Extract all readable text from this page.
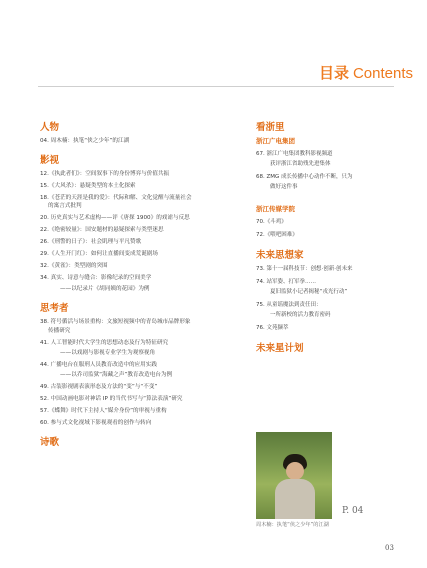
目录 Contents
人物
04. 周木楠：执笔“侠之少年”的江湖
影视
12.《执此者们》：空间叙事下的身份博弈与价值共振
15.《大风杀》：悬疑类型的本土化探索
18.《苍茫的天涯是我的爱》：代际和解、文化觉醒与流量社会
的寓言式批判
20. 历史真实与艺术虚构——评《唐探 1900》的戏谑与反思
22.《绝密较量》：国安题材的悬疑探索与类型迷思
26.《刑警的日子》：社会肌理与平凡赞歌
29.《人生开门红》：如何让直播间变成荒诞剧场
32.《黄雀》：类型剧的突围
34. 真实、诗意与缝合：影像纪录的空间美学
——以纪录片《胡同姨的花园》为例
思考者
38. 符号循活与场景重构：文旅短视频中的青岛城市品牌形象
传播研究
41. 人工智能时代大学生的思想动态及行为特征研究
——以戏剧与影视专业学生为观察视角
44. 广播电台在服刑人员教育改造中的应用实践
——以乔司监狱“海藏之声”教育改造电台为例
49. 古装影视剧表演形态及方法的“变”与“不变”
52. 中国动画电影对神话 IP 的当代书写与“算法表演”研究
57.《蝶舞》时代下主持人“媒介身份”的审视与重构
60. 参与式文化视域下影视观看的创作与转向
诗歌
看浙里
浙江广电集团
67. 浙江广电集团教科影视频道
获评浙江省助残先进集体
68. ZMG 成长传播中心动作不断，只为
做好这件事
浙江传媒学院
70.《斗鸡》
72.《喂吧困难》
未来思想家
73. 第十一届科技节：创想·创新·创未来
74. 站军姿、打军拳……
夏旧监狱小记者揭秘“戎光行动”
75. 从童谣魔法到责任田：
一所新校的活力教育密码
76. 文苑撷萃
未来星计划
P. 04
周木楠：执笔“侠之少年”的江湖
03
